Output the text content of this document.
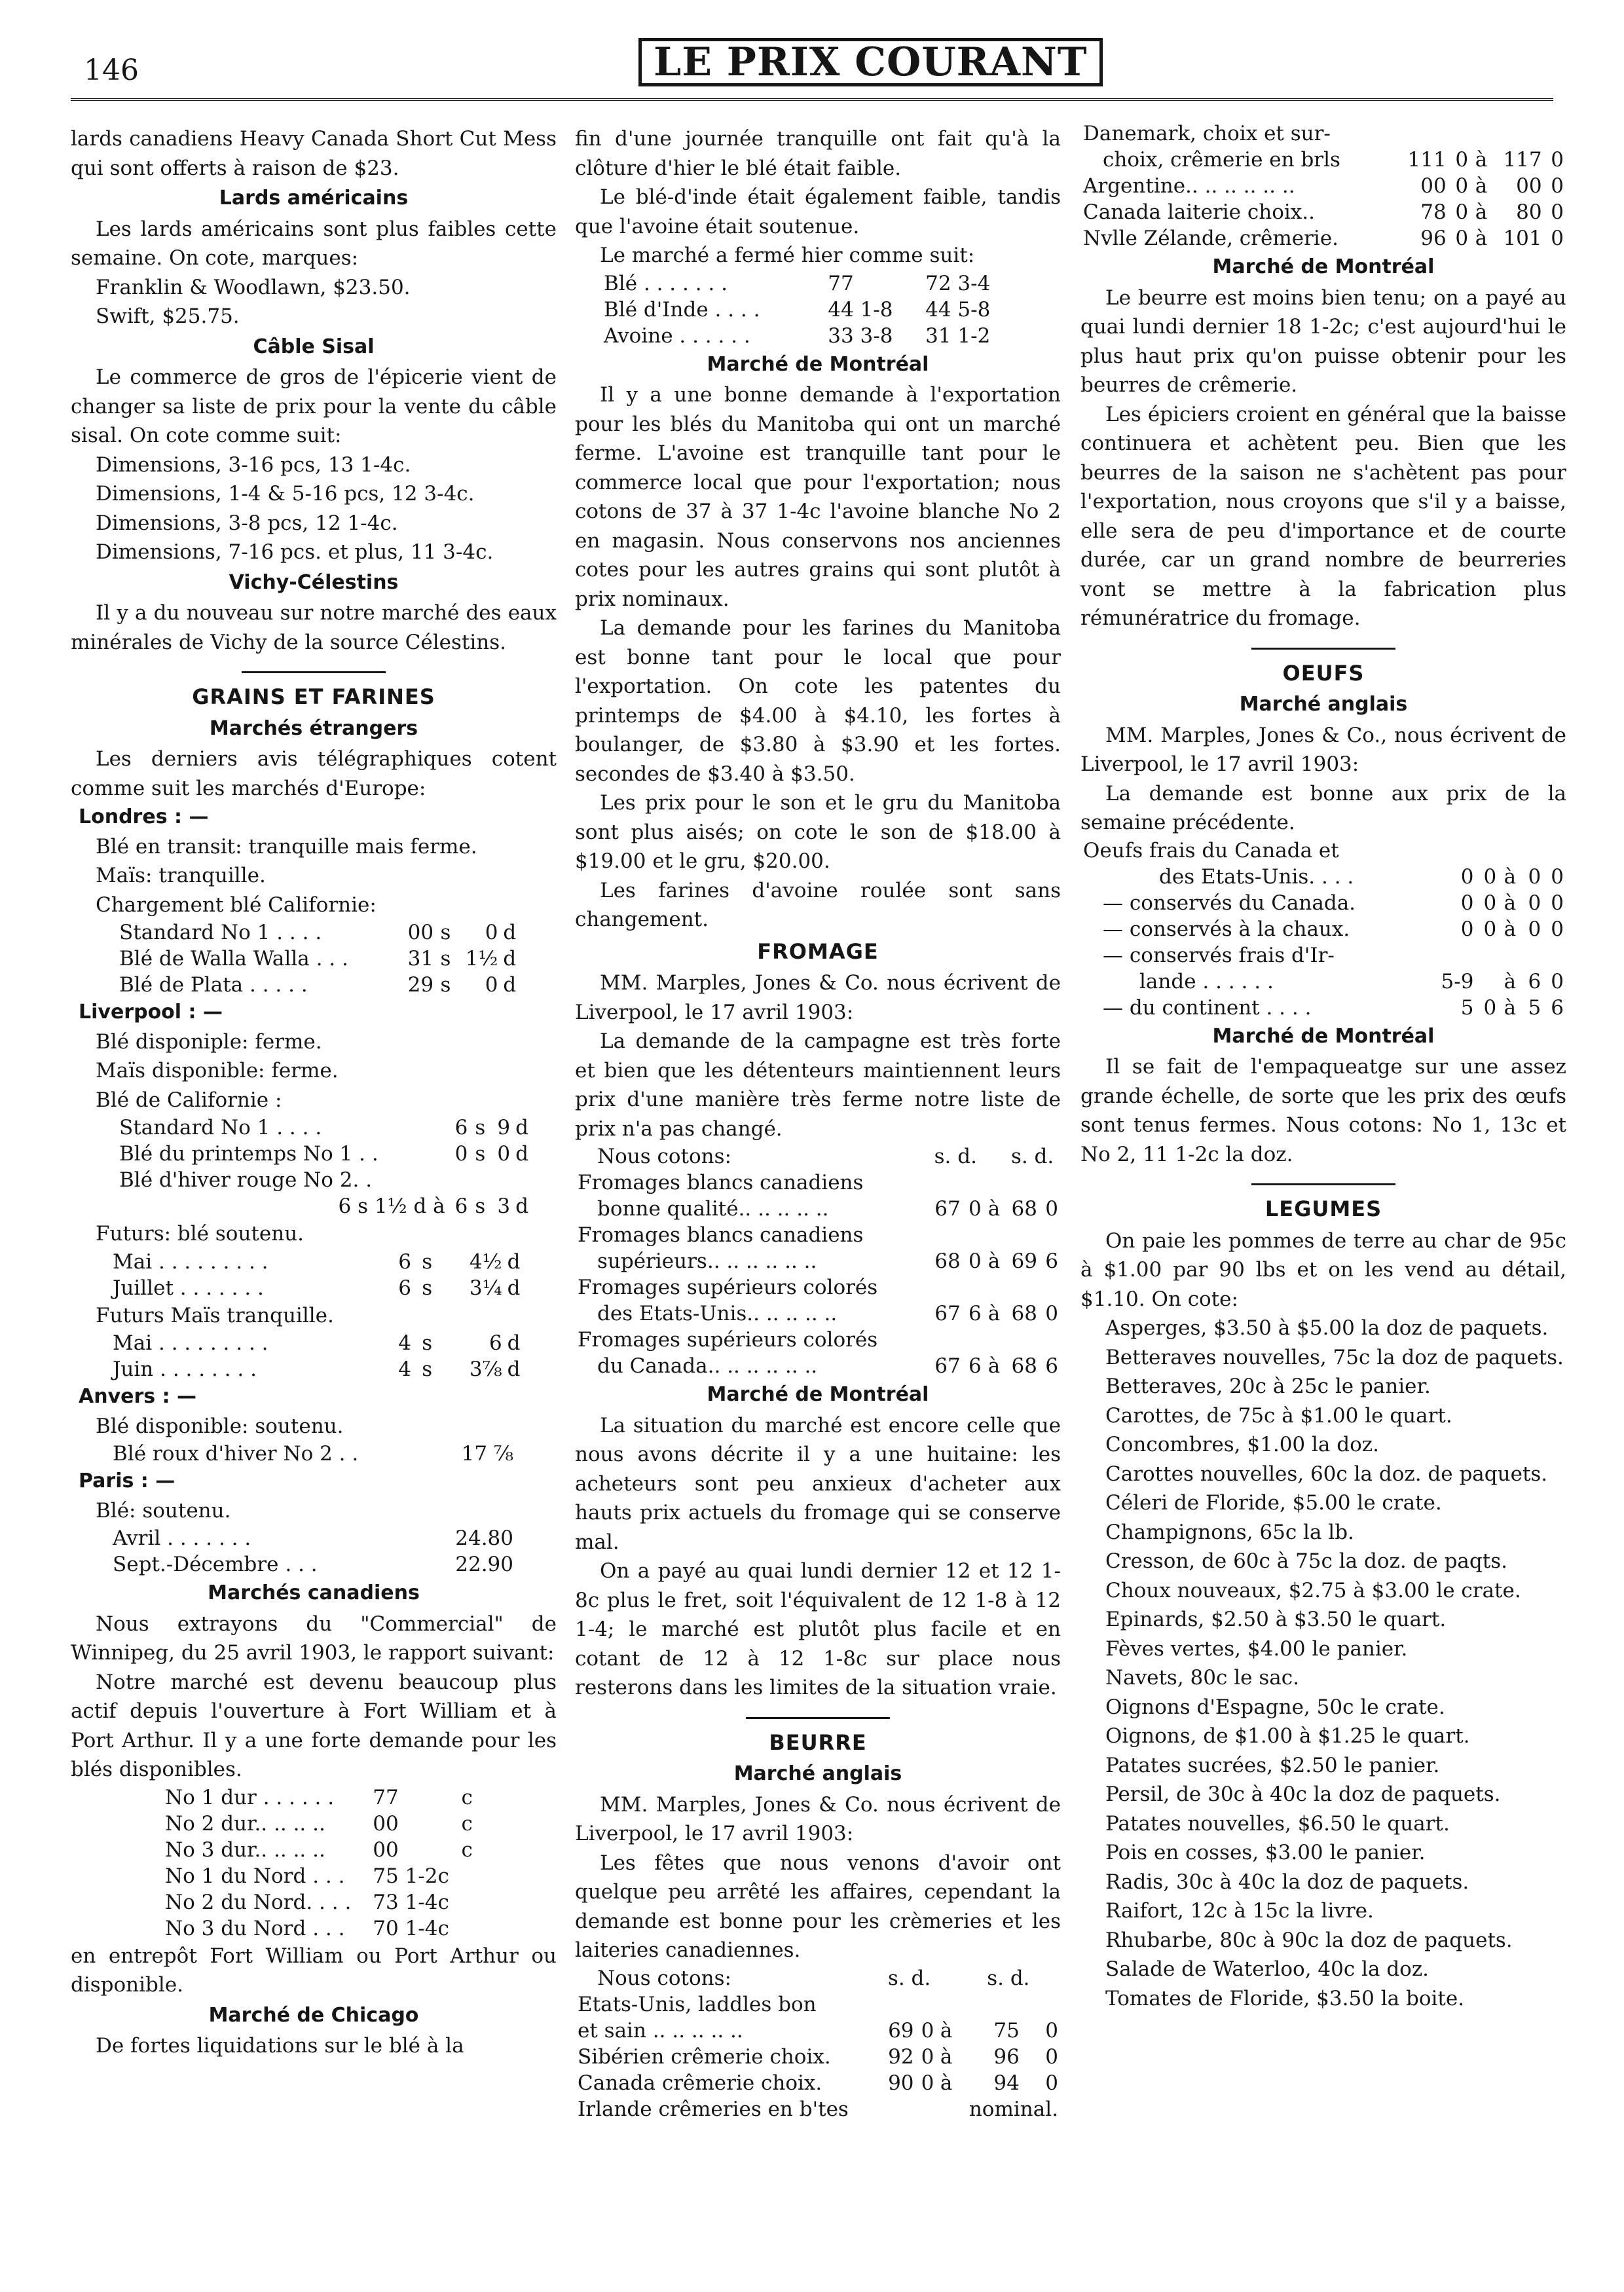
146	LE PRIX COURANT

lards canadiens Heavy Canada Short Cut Mess qui sont offerts à raison de $23.

Lards américains

Les lards américains sont plus faibles cette semaine. On cote, marques:

Franklin & Woodlawn, $23.50.
Swift, $25.75.
Câble Sisal

Le commerce de gros de l'épicerie vient de changer sa liste de prix pour la vente du câble sisal. On cote comme suit:

Dimensions, 3-16 pcs, 13 1-4c.
Dimensions, 1-4 & 5-16 pcs, 12 3-4c.
Dimensions, 3-8 pcs, 12 1-4c.
Dimensions, 7-16 pcs. et plus, 11 3-4c.
Vichy-Célestins

Il y a du nouveau sur notre marché des eaux minérales de Vichy de la source Célestins.

GRAINS ET FARINES
Marchés étrangers

Les derniers avis télégraphiques cotent comme suit les marchés d'Europe:

Londres : —
Blé en transit: tranquille mais ferme.
Maïs: tranquille.
Chargement blé Californie:
Standard No 1 . . . .	00	s	0	d
Blé de Walla Walla . . .	31	s	1½	d
Blé de Plata . . . . .	29	s	0	d
Liverpool : —
Blé disponiple: ferme.
Maïs disponible: ferme.
Blé de Californie :
Standard No 1 . . . .	6	s	9	d
Blé du printemps No 1 . .	0	s	0	d
Blé d'hiver rouge No 2. .				
6 s 1½ d à	6	s	3	d
Futurs: blé soutenu.
Mai . . . . . . . . .	6	s	4½	d
Juillet . . . . . . .	6	s	3¼	d
Futurs Maïs tranquille.
Mai . . . . . . . . .	4	s	6	d
Juin . . . . . . . .	4	s	3⅞	d
Anvers : —
Blé disponible: soutenu.
Blé roux d'hiver No 2 . .	17 ⅞
Paris : —
Blé: soutenu.
Avril . . . . . . .	24.80
Sept.-Décembre . . .	22.90
Marchés canadiens

Nous extrayons du "Commercial" de Winnipeg, du 25 avril 1903, le rapport suivant:

Notre marché est devenu beaucoup plus actif depuis l'ouverture à Fort William et à Port Arthur. Il y a une forte demande pour les blés disponibles.

No 1 dur . . . . . .	77	c
No 2 dur.. .. .. ..	00	c
No 3 dur.. .. .. ..	00	c
No 1 du Nord . . .	75 1-2c	
No 2 du Nord. . . .	73 1-4c	
No 3 du Nord . . .	70 1-4c	

en entrepôt Fort William ou Port Arthur ou disponible.

Marché de Chicago

De fortes liquidations sur le blé à la

fin d'une journée tranquille ont fait qu'à la clôture d'hier le blé était faible.

Le blé-d'inde était également faible, tandis que l'avoine était soutenue.

Le marché a fermé hier comme suit:

Blé . . . . . . .	77	72 3-4
Blé d'Inde . . . .	44 1-8	44 5-8
Avoine . . . . . .	33 3-8	31 1-2
Marché de Montréal

Il y a une bonne demande à l'exportation pour les blés du Manitoba qui ont un marché ferme. L'avoine est tranquille tant pour le commerce local que pour l'exportation; nous cotons de 37 à 37 1-4c l'avoine blanche No 2 en magasin. Nous conservons nos anciennes cotes pour les autres grains qui sont plutôt à prix nominaux.

La demande pour les farines du Manitoba est bonne tant pour le local que pour l'exportation. On cote les patentes du printemps de $4.00 à $4.10, les fortes à boulanger, de $3.80 à $3.90 et les fortes. secondes de $3.40 à $3.50.

Les prix pour le son et le gru du Manitoba sont plus aisés; on cote le son de $18.00 à $19.00 et le gru, $20.00.

Les farines d'avoine roulée sont sans changement.

FROMAGE

MM. Marples, Jones & Co. nous écrivent de Liverpool, le 17 avril 1903:

La demande de la campagne est très forte et bien que les détenteurs maintiennent leurs prix d'une manière très ferme notre liste de prix n'a pas changé.

Nous cotons:	s. d.			s. d.	
Fromages blancs canadiens					
bonne qualité.. .. .. .. ..	67	0	à	68	0
Fromages blancs canadiens					
supérieurs.. .. .. .. .. ..	68	0	à	69	6
Fromages supérieurs colorés					
des Etats-Unis.. .. .. .. ..	67	6	à	68	0
Fromages supérieurs colorés					
du Canada.. .. .. .. .. ..	67	6	à	68	6
Marché de Montréal

La situation du marché est encore celle que nous avons décrite il y a une huitaine: les acheteurs sont peu anxieux d'acheter aux hauts prix actuels du fromage qui se conserve mal.

On a payé au quai lundi dernier 12 et 12 1-8c plus le fret, soit l'équivalent de 12 1-8 à 12 1-4; le marché est plutôt plus facile et en cotant de 12 à 12 1-8c sur place nous resterons dans les limites de la situation vraie.

BEURRE
Marché anglais

MM. Marples, Jones & Co. nous écrivent de Liverpool, le 17 avril 1903:

Les fêtes que nous venons d'avoir ont quelque peu arrêté les affaires, cependant la demande est bonne pour les crèmeries et les laiteries canadiennes.

Nous cotons:	s. d.			s. d.	
Etats-Unis, laddles bon					
et sain .. .. .. .. ..	69	0	à	75	0
Sibérien crêmerie choix.	92	0	à	96	0
Canada crêmerie choix.	90	0	à	94	0
Irlande crêmeries en b'tes				nominal.	
Danemark, choix et sur-					
choix, crêmerie en brls	111	0	à	117	0
Argentine.. .. .. .. .. ..	00	0	à	00	0
Canada laiterie choix..	78	0	à	80	0
Nvlle Zélande, crêmerie.	96	0	à	101	0
Marché de Montréal

Le beurre est moins bien tenu; on a payé au quai lundi dernier 18 1-2c; c'est aujourd'hui le plus haut prix qu'on puisse obtenir pour les beurres de crêmerie.

Les épiciers croient en général que la baisse continuera et achètent peu. Bien que les beurres de la saison ne s'achètent pas pour l'exportation, nous croyons que s'il y a baisse, elle sera de peu d'importance et de courte durée, car un grand nombre de beurreries vont se mettre à la fabrication plus rémunératrice du fromage.

OEUFS
Marché anglais

MM. Marples, Jones & Co., nous écrivent de Liverpool, le 17 avril 1903:

La demande est bonne aux prix de la semaine précédente.

Oeufs frais du Canada et					
des Etats-Unis. . . .	0	0	à	0	0
— conservés du Canada.	0	0	à	0	0
— conservés à la chaux.	0	0	à	0	0
— conservés frais d'Ir-					
lande . . . . . .	5-9		à	6	0
— du continent . . . .	5	0	à	5	6
Marché de Montréal

Il se fait de l'empaqueatge sur une assez grande échelle, de sorte que les prix des œufs sont tenus fermes. Nous cotons: No 1, 13c et No 2, 11 1-2c la doz.

LEGUMES

On paie les pommes de terre au char de 95c à $1.00 par 90 lbs et on les vend au détail, $1.10. On cote:

Asperges, $3.50 à $5.00 la doz de paquets.

Betteraves nouvelles, 75c la doz de paquets.

Betteraves, 20c à 25c le panier.

Carottes, de 75c à $1.00 le quart.

Concombres, $1.00 la doz.

Carottes nouvelles, 60c la doz. de paquets.

Céleri de Floride, $5.00 le crate.

Champignons, 65c la lb.

Cresson, de 60c à 75c la doz. de paqts.

Choux nouveaux, $2.75 à $3.00 le crate.

Epinards, $2.50 à $3.50 le quart.

Fèves vertes, $4.00 le panier.

Navets, 80c le sac.

Oignons d'Espagne, 50c le crate.

Oignons, de $1.00 à $1.25 le quart.

Patates sucrées, $2.50 le panier.

Persil, de 30c à 40c la doz de paquets.

Patates nouvelles, $6.50 le quart.

Pois en cosses, $3.00 le panier.

Radis, 30c à 40c la doz de paquets.

Raifort, 12c à 15c la livre.

Rhubarbe, 80c à 90c la doz de paquets.

Salade de Waterloo, 40c la doz.

Tomates de Floride, $3.50 la boite.
